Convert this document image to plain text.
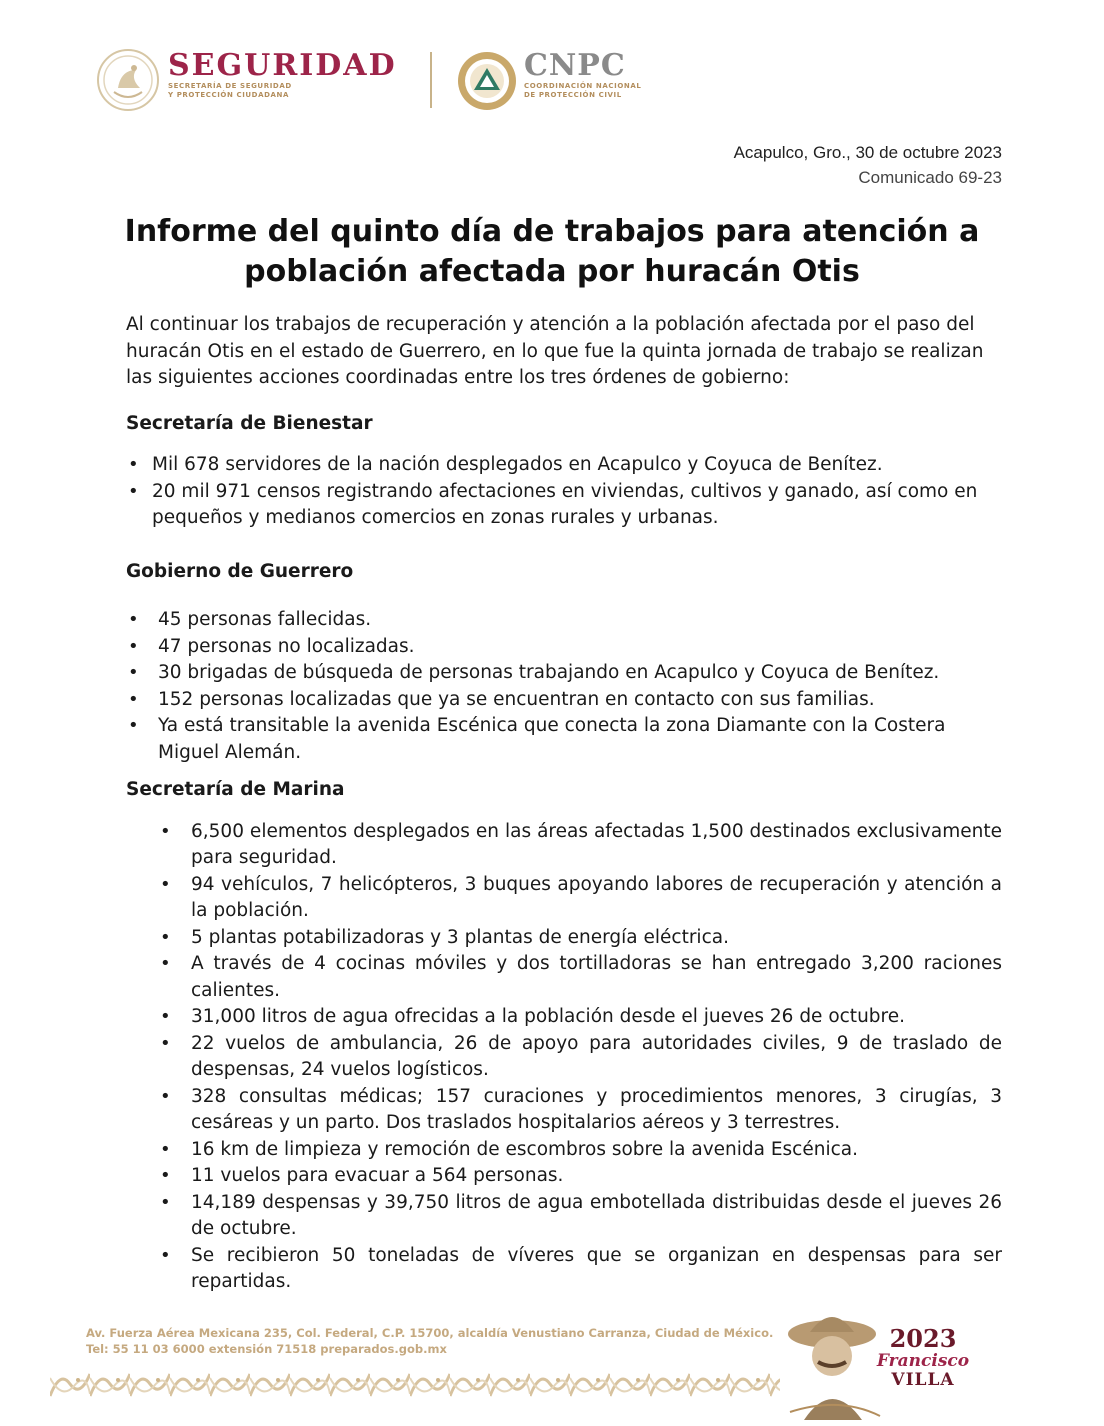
SEGURIDAD
SECRETARÍA DE SEGURIDAD
Y PROTECCIÓN CIUDADANA
CNPC
COORDINACIÓN NACIONAL
DE PROTECCIÓN CIVIL
Acapulco, Gro., 30 de octubre 2023
Comunicado 69-23
Informe del quinto día de trabajos para atención a población afectada por huracán Otis

Al continuar los trabajos de recuperación y atención a la población afectada por el paso del huracán Otis en el estado de Guerrero, en lo que fue la quinta jornada de trabajo se realizan las siguientes acciones coordinadas entre los tres órdenes de gobierno:

Secretaría de Bienestar
• Mil 678 servidores de la nación desplegados en Acapulco y Coyuca de Benítez.
• 20 mil 971 censos registrando afectaciones en viviendas, cultivos y ganado, así como en pequeños y medianos comercios en zonas rurales y urbanas.
Gobierno de Guerrero
• 45 personas fallecidas.
• 47 personas no localizadas.
• 30 brigadas de búsqueda de personas trabajando en Acapulco y Coyuca de Benítez.
• 152 personas localizadas que ya se encuentran en contacto con sus familias.
• Ya está transitable la avenida Escénica que conecta la zona Diamante con la Costera Miguel Alemán.
Secretaría de Marina
• 6,500 elementos desplegados en las áreas afectadas 1,500 destinados exclusivamente para seguridad.
• 94 vehículos, 7 helicópteros, 3 buques apoyando labores de recuperación y atención a la población.
• 5 plantas potabilizadoras y 3 plantas de energía eléctrica.
• A través de 4 cocinas móviles y dos tortilladoras se han entregado 3,200 raciones calientes.
• 31,000 litros de agua ofrecidas a la población desde el jueves 26 de octubre.
• 22 vuelos de ambulancia, 26 de apoyo para autoridades civiles, 9 de traslado de despensas, 24 vuelos logísticos.
• 328 consultas médicas; 157 curaciones y procedimientos menores, 3 cirugías, 3 cesáreas y un parto. Dos traslados hospitalarios aéreos y 3 terrestres.
• 16 km de limpieza y remoción de escombros sobre la avenida Escénica.
• 11 vuelos para evacuar a 564 personas.
• 14,189 despensas y 39,750 litros de agua embotellada distribuidas desde el jueves 26 de octubre.
• Se recibieron 50 toneladas de víveres que se organizan en despensas para ser repartidas.
Av. Fuerza Aérea Mexicana 235, Col. Federal, C.P. 15700, alcaldía Venustiano Carranza, Ciudad de México.
Tel: 55 11 03 6000 extensión 71518 preparados.gob.mx	2023
Francisco
VILLA
